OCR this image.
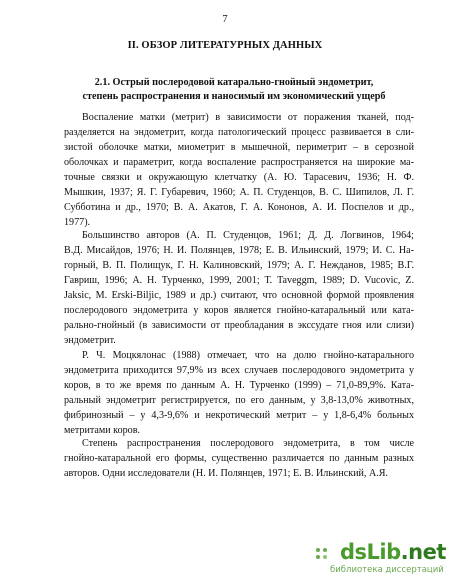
7
II. ОБЗОР ЛИТЕРАТУРНЫХ ДАННЫХ
2.1. Острый послеродовой катарально-гнойный эндометрит,
степень распространения и наносимый им экономический ущерб
Воспаление матки (метрит) в зависимости от поражения тканей, под-
разделяется на эндометрит, когда патологический процесс развивается в сли-
зистой оболочке матки, миометрит в мышечной, периметрит – в серозной
оболочках и параметрит, когда воспаление распространяется на широкие ма-
точные связки и окружающую клетчатку (А. Ю. Тарасевич, 1936; Н. Ф.
Мышкин, 1937; Я. Г. Губаревич, 1960; А. П. Студенцов, В. С. Шипилов, Л. Г.
Субботина и др., 1970; В. А. Акатов, Г. А. Кононов, А. И. Поспелов и др.,
1977).
Большинство авторов (А. П. Студенцов, 1961; Д. Д. Логвинов, 1964;
В.Д. Мисайдов, 1976; Н. И. Полянцев, 1978; Е. В. Ильинский, 1979; И. С. На-
горный, В. П. Полищук, Г. Н. Калиновский, 1979; А. Г. Нежданов, 1985; В.Г.
Гавриш, 1996; А. Н. Турченко, 1999, 2001; Т. Taveggm, 1989; D. Vucovic, Z.
Jaksic, M. Erski-Biljic, 1989 и др.) считают, что основной формой проявления
послеродового эндометрита у коров является гнойно-катаральный или ката-
рально-гнойный (в зависимости от преобладания в экссудате гноя или слизи)
эндометрит.
Р. Ч. Моцкялонас (1988) отмечает, что на долю гнойно-катарального
эндометрита приходится 97,9% из всех случаев послеродового эндометрита у
коров, в то же время по данным А. Н. Турченко (1999) – 71,0-89,9%. Ката-
ральный эндометрит регистрируется, по его данным, у 3,8-13,0% животных,
фибринозный – у 4,3-9,6% и некротический метрит – у 1,8-6,4% больных
метритами коров.
Степень распространения послеродового эндометрита, в том числе
гнойно-катаральной его формы, существенно различается по данным разных
авторов. Одни исследователи (Н. И. Полянцев, 1971; Е. В. Ильинский, А.Я.
dsLib.net
библиотека диссертаций
